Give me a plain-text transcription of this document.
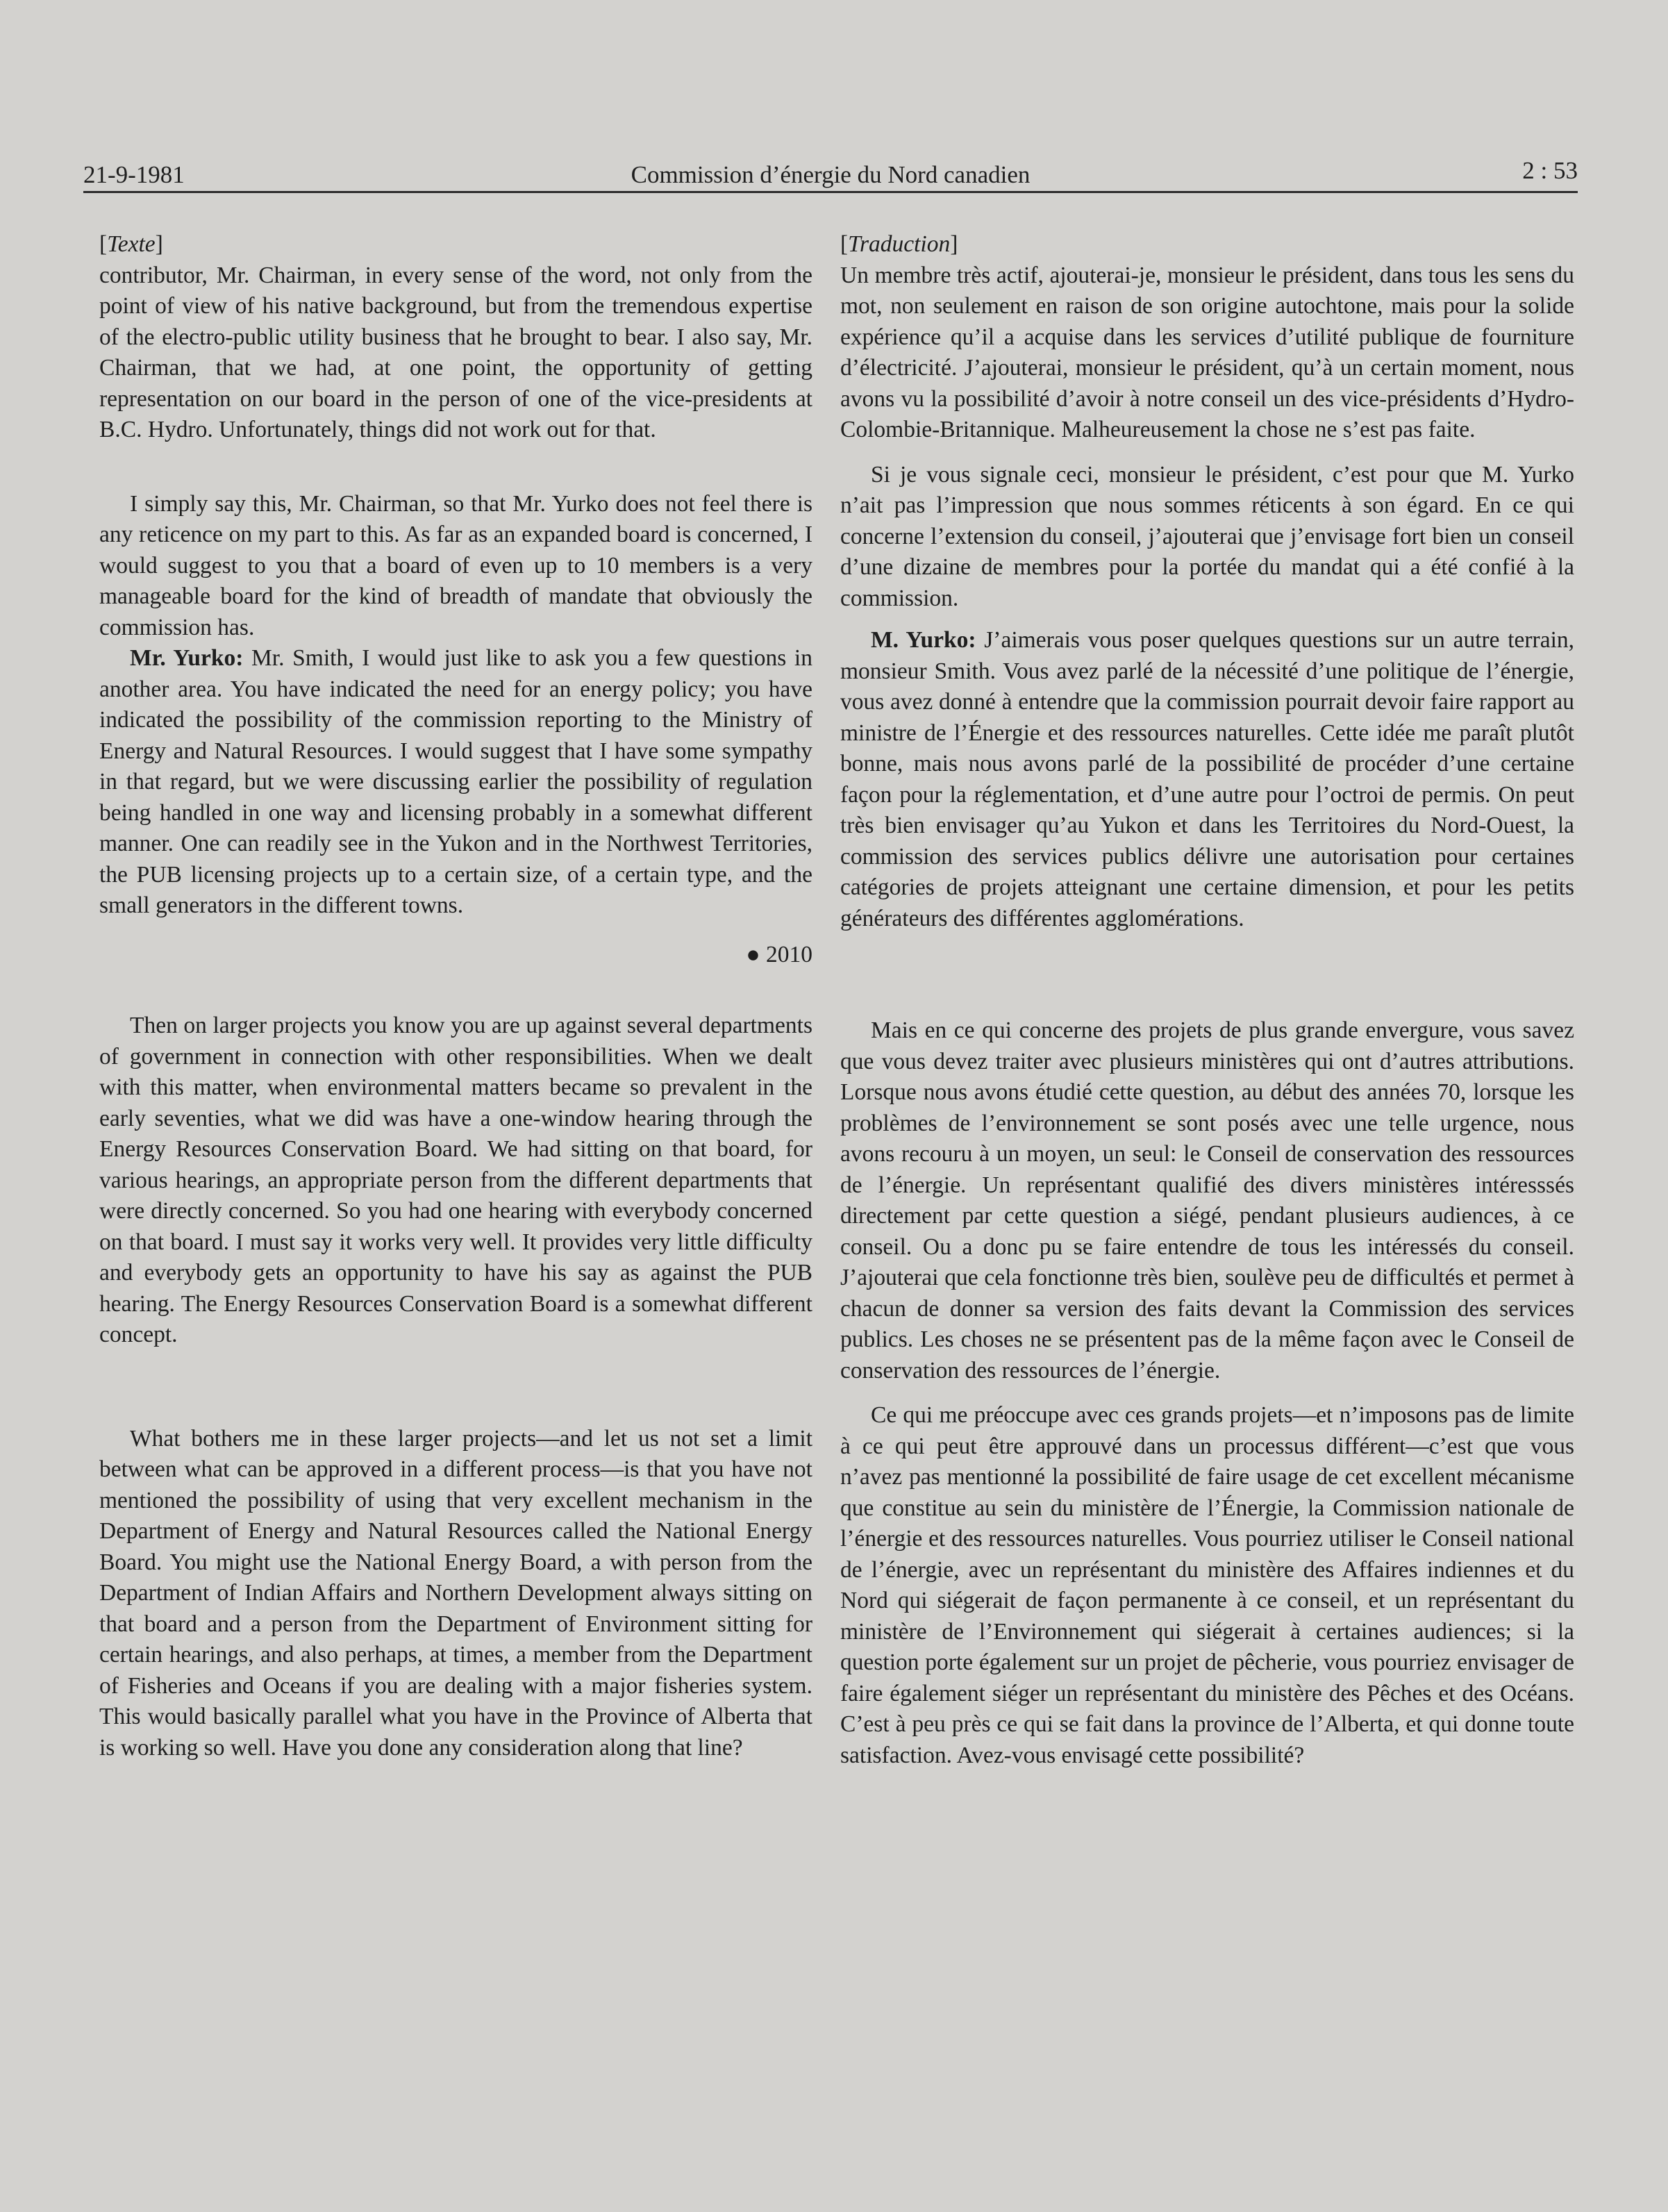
Commission d’énergie du Nord canadien
21-9-1981	2 : 53

[Texte]

contributor, Mr. Chairman, in every sense of the word, not only from the point of view of his native background, but from the tremendous expertise of the electro-public utility business that he brought to bear. I also say, Mr. Chairman, that we had, at one point, the opportunity of getting representation on our board in the person of one of the vice-presidents at B.C. Hydro. Unfortunately, things did not work out for that.

I simply say this, Mr. Chairman, so that Mr. Yurko does not feel there is any reticence on my part to this. As far as an expanded board is concerned, I would suggest to you that a board of even up to 10 members is a very manageable board for the kind of breadth of mandate that obviously the commission has.

Mr. Yurko: Mr. Smith, I would just like to ask you a few questions in another area. You have indicated the need for an energy policy; you have indicated the possibility of the commission reporting to the Ministry of Energy and Natural Resources. I would suggest that I have some sympathy in that regard, but we were discussing earlier the possibility of regulation being handled in one way and licensing probably in a somewhat different manner. One can readily see in the Yukon and in the Northwest Territories, the PUB licensing projects up to a certain size, of a certain type, and the small generators in the different towns.

● 2010

Then on larger projects you know you are up against several departments of government in connection with other responsibilities. When we dealt with this matter, when environmental matters became so prevalent in the early seventies, what we did was have a one-window hearing through the Energy Resources Conservation Board. We had sitting on that board, for various hearings, an appropriate person from the different departments that were directly concerned. So you had one hearing with everybody concerned on that board. I must say it works very well. It provides very little difficulty and everybody gets an opportunity to have his say as against the PUB hearing. The Energy Resources Conservation Board is a somewhat different concept.

What bothers me in these larger projects—and let us not set a limit between what can be approved in a different process—is that you have not mentioned the possibility of using that very excellent mechanism in the Department of Energy and Natural Resources called the National Energy Board. You might use the National Energy Board, a with person from the Department of Indian Affairs and Northern Development always sitting on that board and a person from the Department of Environment sitting for certain hearings, and also perhaps, at times, a member from the Department of Fisheries and Oceans if you are dealing with a major fisheries system. This would basically parallel what you have in the Province of Alberta that is working so well. Have you done any consideration along that line?

[Traduction]

Un membre très actif, ajouterai-je, monsieur le président, dans tous les sens du mot, non seulement en raison de son origine autochtone, mais pour la solide expérience qu’il a acquise dans les services d’utilité publique de fourniture d’électricité. J’ajouterai, monsieur le président, qu’à un certain moment, nous avons vu la possibilité d’avoir à notre conseil un des vice-présidents d’Hydro-Colombie-Britannique. Malheureusement la chose ne s’est pas faite.

Si je vous signale ceci, monsieur le président, c’est pour que M. Yurko n’ait pas l’impression que nous sommes réticents à son égard. En ce qui concerne l’extension du conseil, j’ajouterai que j’envisage fort bien un conseil d’une dizaine de membres pour la portée du mandat qui a été confié à la commission.

M. Yurko: J’aimerais vous poser quelques questions sur un autre terrain, monsieur Smith. Vous avez parlé de la nécessité d’une politique de l’énergie, vous avez donné à entendre que la commission pourrait devoir faire rapport au ministre de l’Énergie et des ressources naturelles. Cette idée me paraît plutôt bonne, mais nous avons parlé de la possibilité de procéder d’une certaine façon pour la réglementation, et d’une autre pour l’octroi de permis. On peut très bien envisager qu’au Yukon et dans les Territoires du Nord-Ouest, la commission des services publics délivre une autorisation pour certaines catégories de projets atteignant une certaine dimension, et pour les petits générateurs des différentes agglomérations.

Mais en ce qui concerne des projets de plus grande envergure, vous savez que vous devez traiter avec plusieurs ministères qui ont d’autres attributions. Lorsque nous avons étudié cette question, au début des années 70, lorsque les problèmes de l’environnement se sont posés avec une telle urgence, nous avons recouru à un moyen, un seul: le Conseil de conservation des ressources de l’énergie. Un représentant qualifié des divers ministères intéresssés directement par cette question a siégé, pendant plusieurs audiences, à ce conseil. Ou a donc pu se faire entendre de tous les intéressés du conseil. J’ajouterai que cela fonctionne très bien, soulève peu de difficultés et permet à chacun de donner sa version des faits devant la Commission des services publics. Les choses ne se présentent pas de la même façon avec le Conseil de conservation des ressources de l’énergie.

Ce qui me préoccupe avec ces grands projets—et n’imposons pas de limite à ce qui peut être approuvé dans un processus différent—c’est que vous n’avez pas mentionné la possibilité de faire usage de cet excellent mécanisme que constitue au sein du ministère de l’Énergie, la Commission nationale de l’énergie et des ressources naturelles. Vous pourriez utiliser le Conseil national de l’énergie, avec un représentant du ministère des Affaires indiennes et du Nord qui siégerait de façon permanente à ce conseil, et un représentant du ministère de l’Environnement qui siégerait à certaines audiences; si la question porte également sur un projet de pêcherie, vous pourriez envisager de faire également siéger un représentant du ministère des Pêches et des Océans. C’est à peu près ce qui se fait dans la province de l’Alberta, et qui donne toute satisfaction. Avez-vous envisagé cette possibilité?
